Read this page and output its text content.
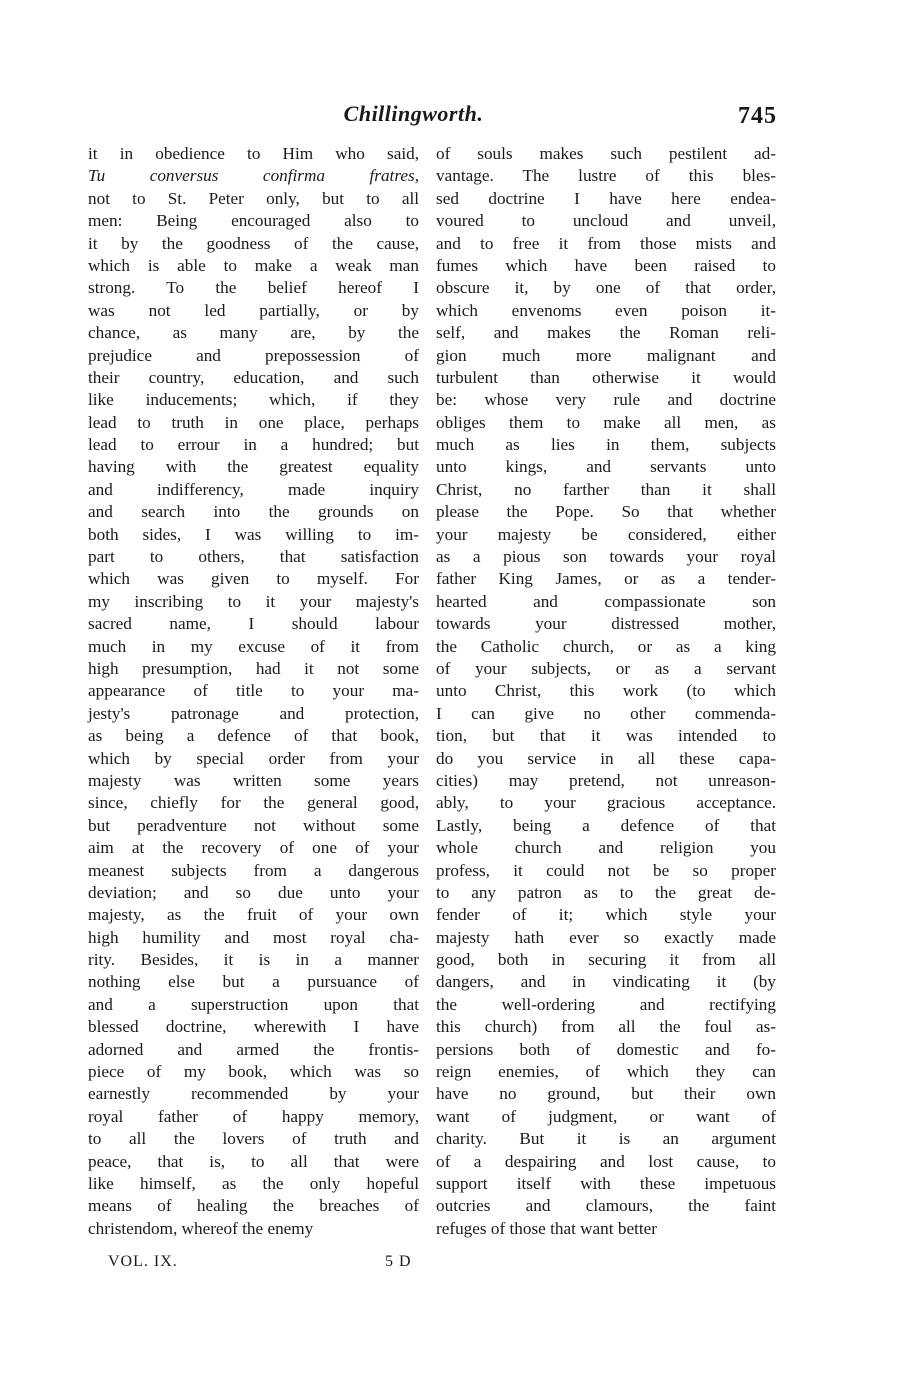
Chillingworth.	745
it in obedience to Him who said,
Tu conversus confirma fratres,
not to St. Peter only, but to all
men: Being encouraged also to
it by the goodness of the cause,
which is able to make a weak man
strong. To the belief hereof I
was not led partially, or by
chance, as many are, by the
prejudice and prepossession of
their country, education, and such
like inducements; which, if they
lead to truth in one place, perhaps
lead to errour in a hundred; but
having with the greatest equality
and indifferency, made inquiry
and search into the grounds on
both sides, I was willing to im-
part to others, that satisfaction
which was given to myself. For
my inscribing to it your majesty's
sacred name, I should labour
much in my excuse of it from
high presumption, had it not some
appearance of title to your ma-
jesty's patronage and protection,
as being a defence of that book,
which by special order from your
majesty was written some years
since, chiefly for the general good,
but peradventure not without some
aim at the recovery of one of your
meanest subjects from a dangerous
deviation; and so due unto your
majesty, as the fruit of your own
high humility and most royal cha-
rity. Besides, it is in a manner
nothing else but a pursuance of
and a superstruction upon that
blessed doctrine, wherewith I have
adorned and armed the frontis-
piece of my book, which was so
earnestly recommended by your
royal father of happy memory,
to all the lovers of truth and
peace, that is, to all that were
like himself, as the only hopeful
means of healing the breaches of
christendom, whereof the enemy
of souls makes such pestilent ad-
vantage. The lustre of this bles-
sed doctrine I have here endea-
voured to uncloud and unveil,
and to free it from those mists and
fumes which have been raised to
obscure it, by one of that order,
which envenoms even poison it-
self, and makes the Roman reli-
gion much more malignant and
turbulent than otherwise it would
be: whose very rule and doctrine
obliges them to make all men, as
much as lies in them, subjects
unto kings, and servants unto
Christ, no farther than it shall
please the Pope. So that whether
your majesty be considered, either
as a pious son towards your royal
father King James, or as a tender-
hearted and compassionate son
towards your distressed mother,
the Catholic church, or as a king
of your subjects, or as a servant
unto Christ, this work (to which
I can give no other commenda-
tion, but that it was intended to
do you service in all these capa-
cities) may pretend, not unreason-
ably, to your gracious acceptance.
Lastly, being a defence of that
whole church and religion you
profess, it could not be so proper
to any patron as to the great de-
fender of it; which style your
majesty hath ever so exactly made
good, both in securing it from all
dangers, and in vindicating it (by
the well-ordering and rectifying
this church) from all the foul as-
persions both of domestic and fo-
reign enemies, of which they can
have no ground, but their own
want of judgment, or want of
charity. But it is an argument
of a despairing and lost cause, to
support itself with these impetuous
outcries and clamours, the faint
refuges of those that want better
VOL. IX.	5 D
